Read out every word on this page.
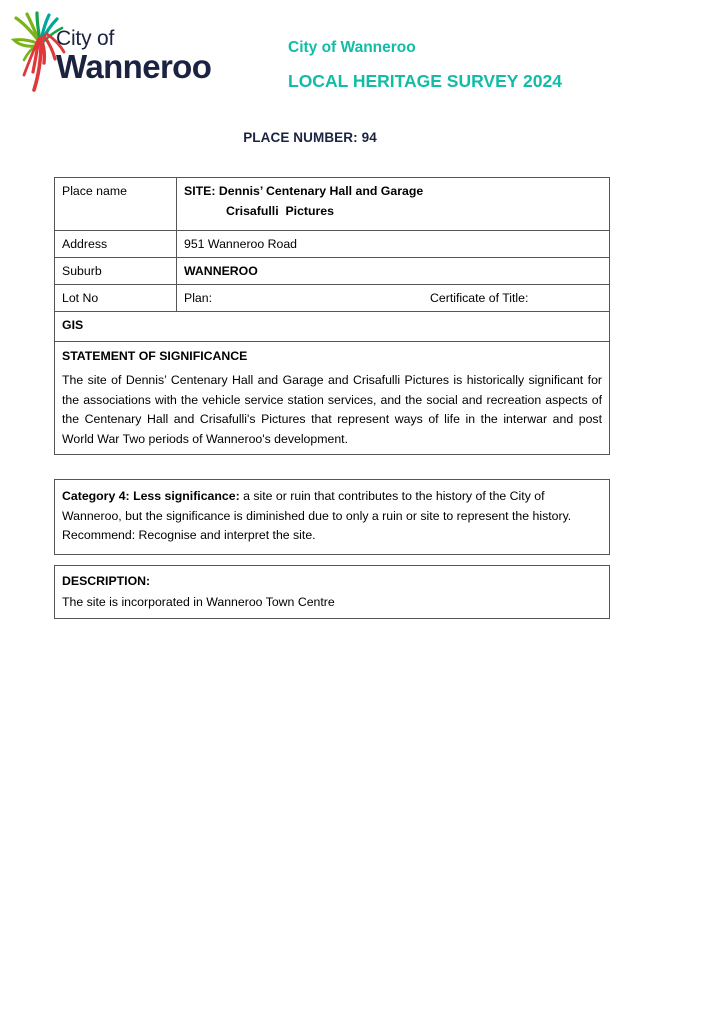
City of
Wanneroo

City of Wanneroo

LOCAL HERITAGE SURVEY 2024

PLACE NUMBER: 94
Place name	SITE: Dennis’ Centenary Hall and Garage
Crisafulli  Pictures

Address	951 Wanneroo Road
Suburb	WANNEROO
Lot No	Plan: Certificate of Title:

GIS	

STATEMENT OF SIGNIFICANCE

The site of Dennis’ Centenary Hall and Garage and Crisafulli Pictures is historically significant for the associations with the vehicle service station services, and the social and recreation aspects of the Centenary Hall and Crisafulli's Pictures that represent ways of life in the interwar and post World War Two periods of Wanneroo's development.	

Category 4: Less significance: a site or ruin that contributes to the history of the City of Wanneroo, but the significance is diminished due to only a ruin or site to represent the history. Recommend: Recognise and interpret the site.

DESCRIPTION:

The site is incorporated in Wanneroo Town Centre
